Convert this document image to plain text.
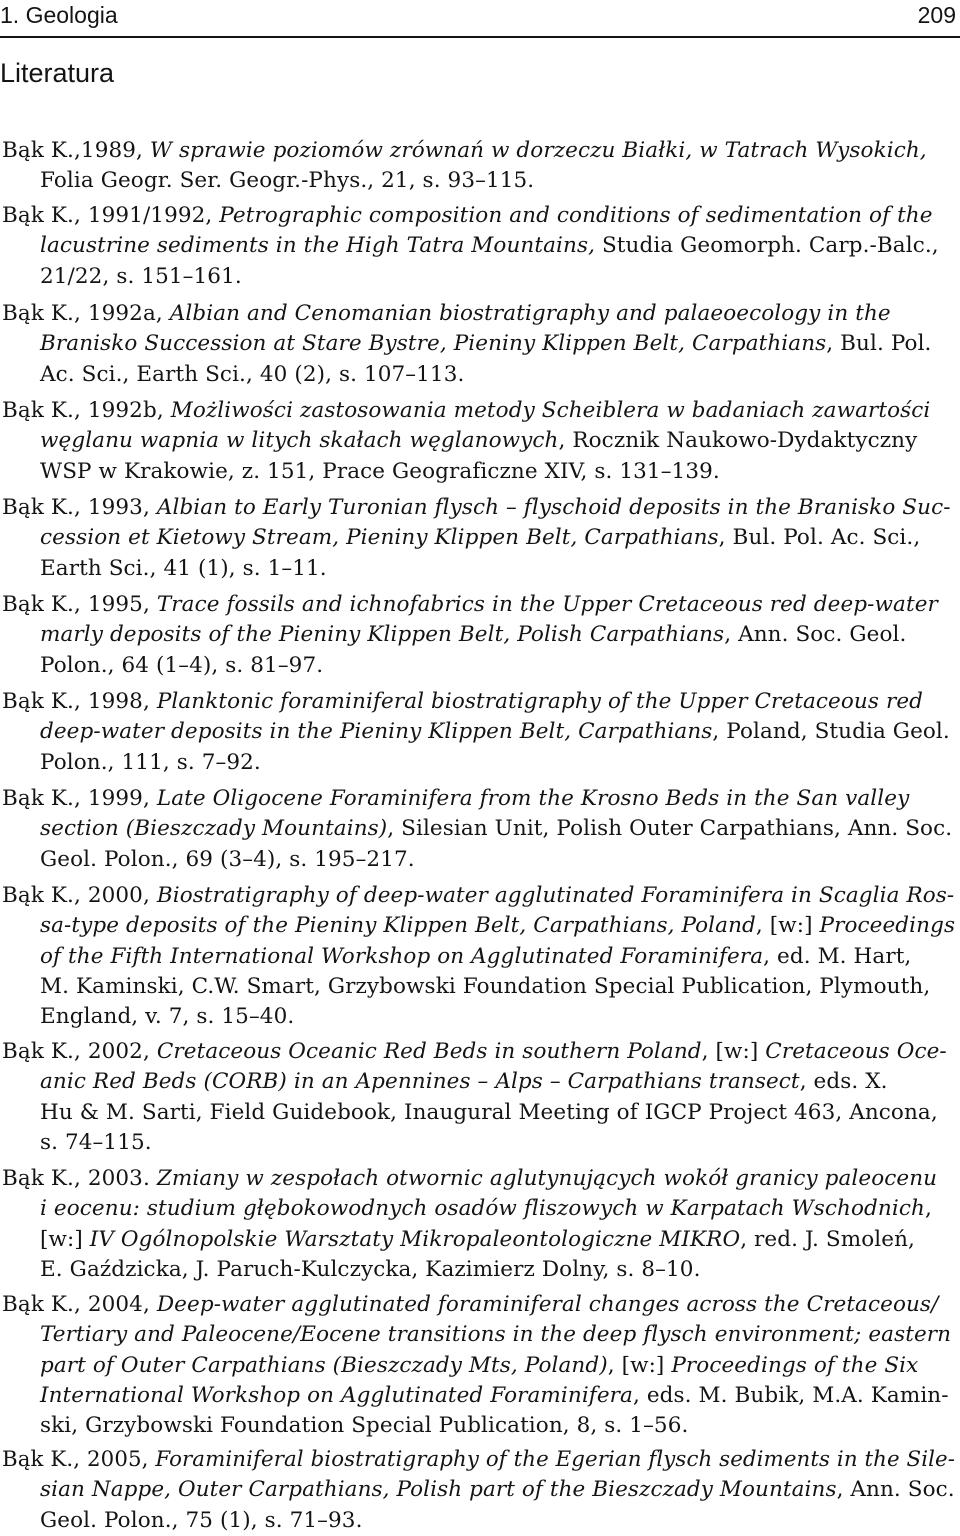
1. Geologia	209
Literatura
Bąk K.,1989, W sprawie poziomów zrównań w dorzeczu Białki, w Tatrach Wysokich,
Folia Geogr. Ser. Geogr.-Phys., 21, s. 93–115.
Bąk K., 1991/1992, Petrographic composition and conditions of sedimentation of the
lacustrine sediments in the High Tatra Mountains, Studia Geomorph. Carp.-Balc.,
21/22, s. 151–161.
Bąk K., 1992a, Albian and Cenomanian biostratigraphy and palaeoecology in the
Branisko Succession at Stare Bystre, Pieniny Klippen Belt, Carpathians, Bul. Pol.
Ac. Sci., Earth Sci., 40 (2), s. 107–113.
Bąk K., 1992b, Możliwości zastosowania metody Scheiblera w badaniach zawartości
węglanu wapnia w litych skałach węglanowych, Rocznik Naukowo-Dydaktyczny
WSP w Krakowie, z. 151, Prace Geograficzne XIV, s. 131–139.
Bąk K., 1993, Albian to Early Turonian flysch – flyschoid deposits in the Branisko Suc-
cession et Kietowy Stream, Pieniny Klippen Belt, Carpathians, Bul. Pol. Ac. Sci.,
Earth Sci., 41 (1), s. 1–11.
Bąk K., 1995, Trace fossils and ichnofabrics in the Upper Cretaceous red deep-water
marly deposits of the Pieniny Klippen Belt, Polish Carpathians, Ann. Soc. Geol.
Polon., 64 (1–4), s. 81–97.
Bąk K., 1998, Planktonic foraminiferal biostratigraphy of the Upper Cretaceous red
deep-water deposits in the Pieniny Klippen Belt, Carpathians, Poland, Studia Geol.
Polon., 111, s. 7–92.
Bąk K., 1999, Late Oligocene Foraminifera from the Krosno Beds in the San valley
section (Bieszczady Mountains), Silesian Unit, Polish Outer Carpathians, Ann. Soc.
Geol. Polon., 69 (3–4), s. 195–217.
Bąk K., 2000, Biostratigraphy of deep-water agglutinated Foraminifera in Scaglia Ros-
sa-type deposits of the Pieniny Klippen Belt, Carpathians, Poland, [w:] Proceedings
of the Fifth International Workshop on Agglutinated Foraminifera, ed. M. Hart,
M. Kaminski, C.W. Smart, Grzybowski Foundation Special Publication, Plymouth,
England, v. 7, s. 15–40.
Bąk K., 2002, Cretaceous Oceanic Red Beds in southern Poland, [w:] Cretaceous Oce-
anic Red Beds (CORB) in an Apennines – Alps – Carpathians transect, eds. X.
Hu & M. Sarti, Field Guidebook, Inaugural Meeting of IGCP Project 463, Ancona,
s. 74–115.
Bąk K., 2003. Zmiany w zespołach otwornic aglutynujących wokół granicy paleocenu
i eocenu: studium głębokowodnych osadów fliszowych w Karpatach Wschodnich,
[w:] IV Ogólnopolskie Warsztaty Mikropaleontologiczne MIKRO, red. J. Smoleń,
E. Gaździcka, J. Paruch-Kulczycka, Kazimierz Dolny, s. 8–10.
Bąk K., 2004, Deep-water agglutinated foraminiferal changes across the Cretaceous/
Tertiary and Paleocene/Eocene transitions in the deep flysch environment; eastern
part of Outer Carpathians (Bieszczady Mts, Poland), [w:] Proceedings of the Six
International Workshop on Agglutinated Foraminifera, eds. M. Bubik, M.A. Kamin-
ski, Grzybowski Foundation Special Publication, 8, s. 1–56.
Bąk K., 2005, Foraminiferal biostratigraphy of the Egerian flysch sediments in the Sile-
sian Nappe, Outer Carpathians, Polish part of the Bieszczady Mountains, Ann. Soc.
Geol. Polon., 75 (1), s. 71–93.
